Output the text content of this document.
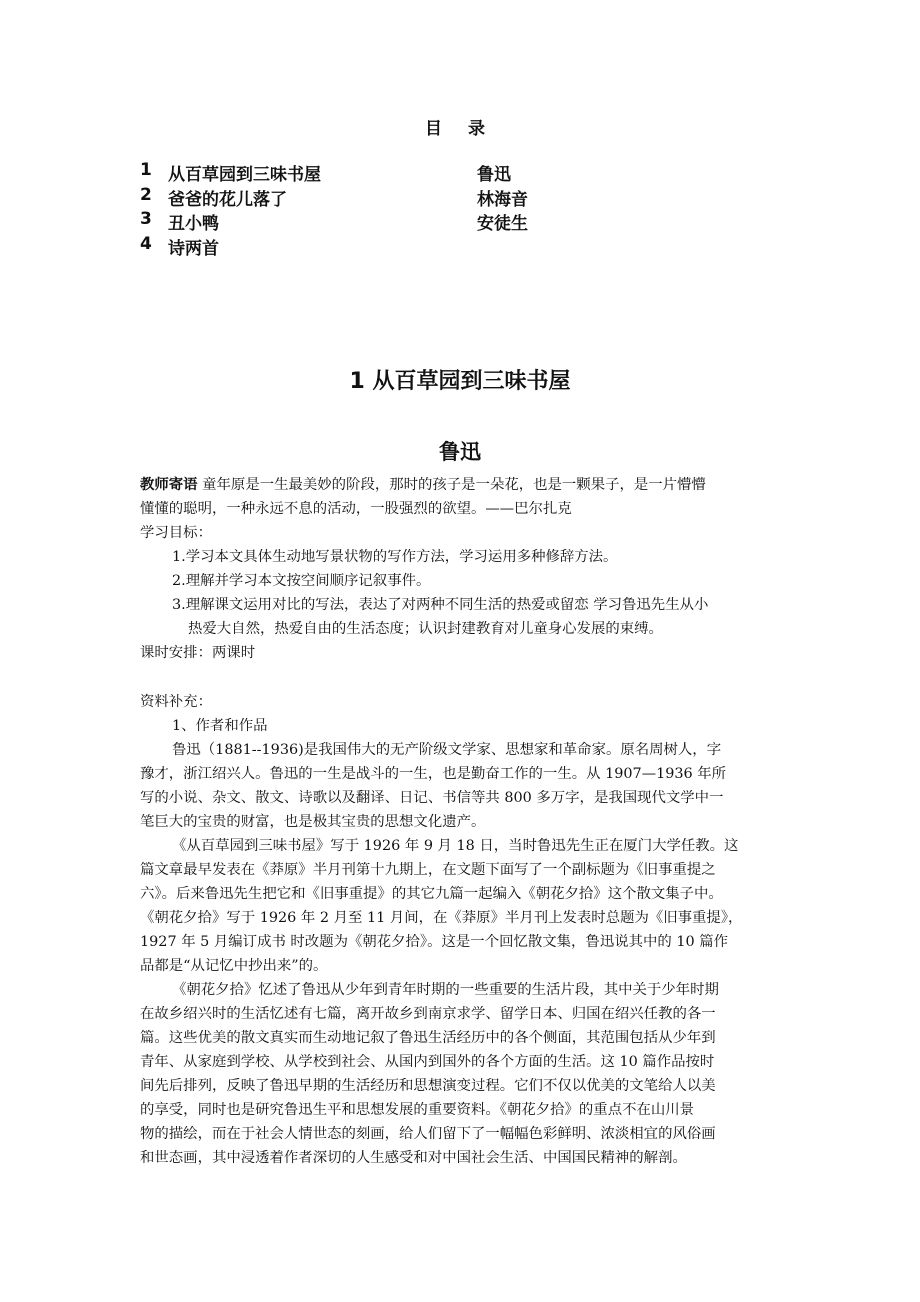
目 录
1 从百草园到三味书屋	鲁迅
2 爸爸的花儿落了	林海音
3 丑小鸭	安徒生
4 诗两首
1 从百草园到三味书屋
鲁迅
教师寄语 童年原是一生最美妙的阶段，那时的孩子是一朵花，也是一颗果子，是一片懵懵
懂懂的聪明，一种永远不息的活动，一股强烈的欲望。——巴尔扎克
学习目标：
1.学习本文具体生动地写景状物的写作方法，学习运用多种修辞方法。
2.理解并学习本文按空间顺序记叙事件。
3.理解课文运用对比的写法，表达了对两种不同生活的热爱或留恋 学习鲁迅先生从小
热爱大自然，热爱自由的生活态度；认识封建教育对儿童身心发展的束缚。
课时安排：两课时
资料补充：
1、作者和作品
鲁迅（1881--1936)是我国伟大的无产阶级文学家、思想家和革命家。原名周树人，字
豫才，浙江绍兴人。鲁迅的一生是战斗的一生，也是勤奋工作的一生。从 1907—1936 年所
写的小说、杂文、散文、诗歌以及翻译、日记、书信等共 800 多万字，是我国现代文学中一
笔巨大的宝贵的财富，也是极其宝贵的思想文化遗产。
《从百草园到三味书屋》写于 1926 年 9 月 18 日，当时鲁迅先生正在厦门大学任教。这
篇文章最早发表在《莽原》半月刊第十九期上，在文题下面写了一个副标题为《旧事重提之
六》。后来鲁迅先生把它和《旧事重提》的其它九篇一起编入《朝花夕拾》这个散文集子中。
《朝花夕拾》写于 1926 年 2 月至 11 月间，在《莽原》半月刊上发表时总题为《旧事重提》，
1927 年 5 月编订成书 时改题为《朝花夕拾》。这是一个回忆散文集，鲁迅说其中的 10 篇作
品都是“从记忆中抄出来”的。
《朝花夕拾》忆述了鲁迅从少年到青年时期的一些重要的生活片段，其中关于少年时期
在故乡绍兴时的生活忆述有七篇，离开故乡到南京求学、留学日本、归国在绍兴任教的各一
篇。这些优美的散文真实而生动地记叙了鲁迅生活经历中的各个侧面，其范围包括从少年到
青年、从家庭到学校、从学校到社会、从国内到国外的各个方面的生活。这 10 篇作品按时
间先后排列，反映了鲁迅早期的生活经历和思想演变过程。它们不仅以优美的文笔给人以美
的享受，同时也是研究鲁迅生平和思想发展的重要资料。《朝花夕拾》的重点不在山川景
物的描绘，而在于社会人情世态的刻画，给人们留下了一幅幅色彩鲜明、浓淡相宜的风俗画
和世态画，其中浸透着作者深切的人生感受和对中国社会生活、中国国民精神的解剖。
